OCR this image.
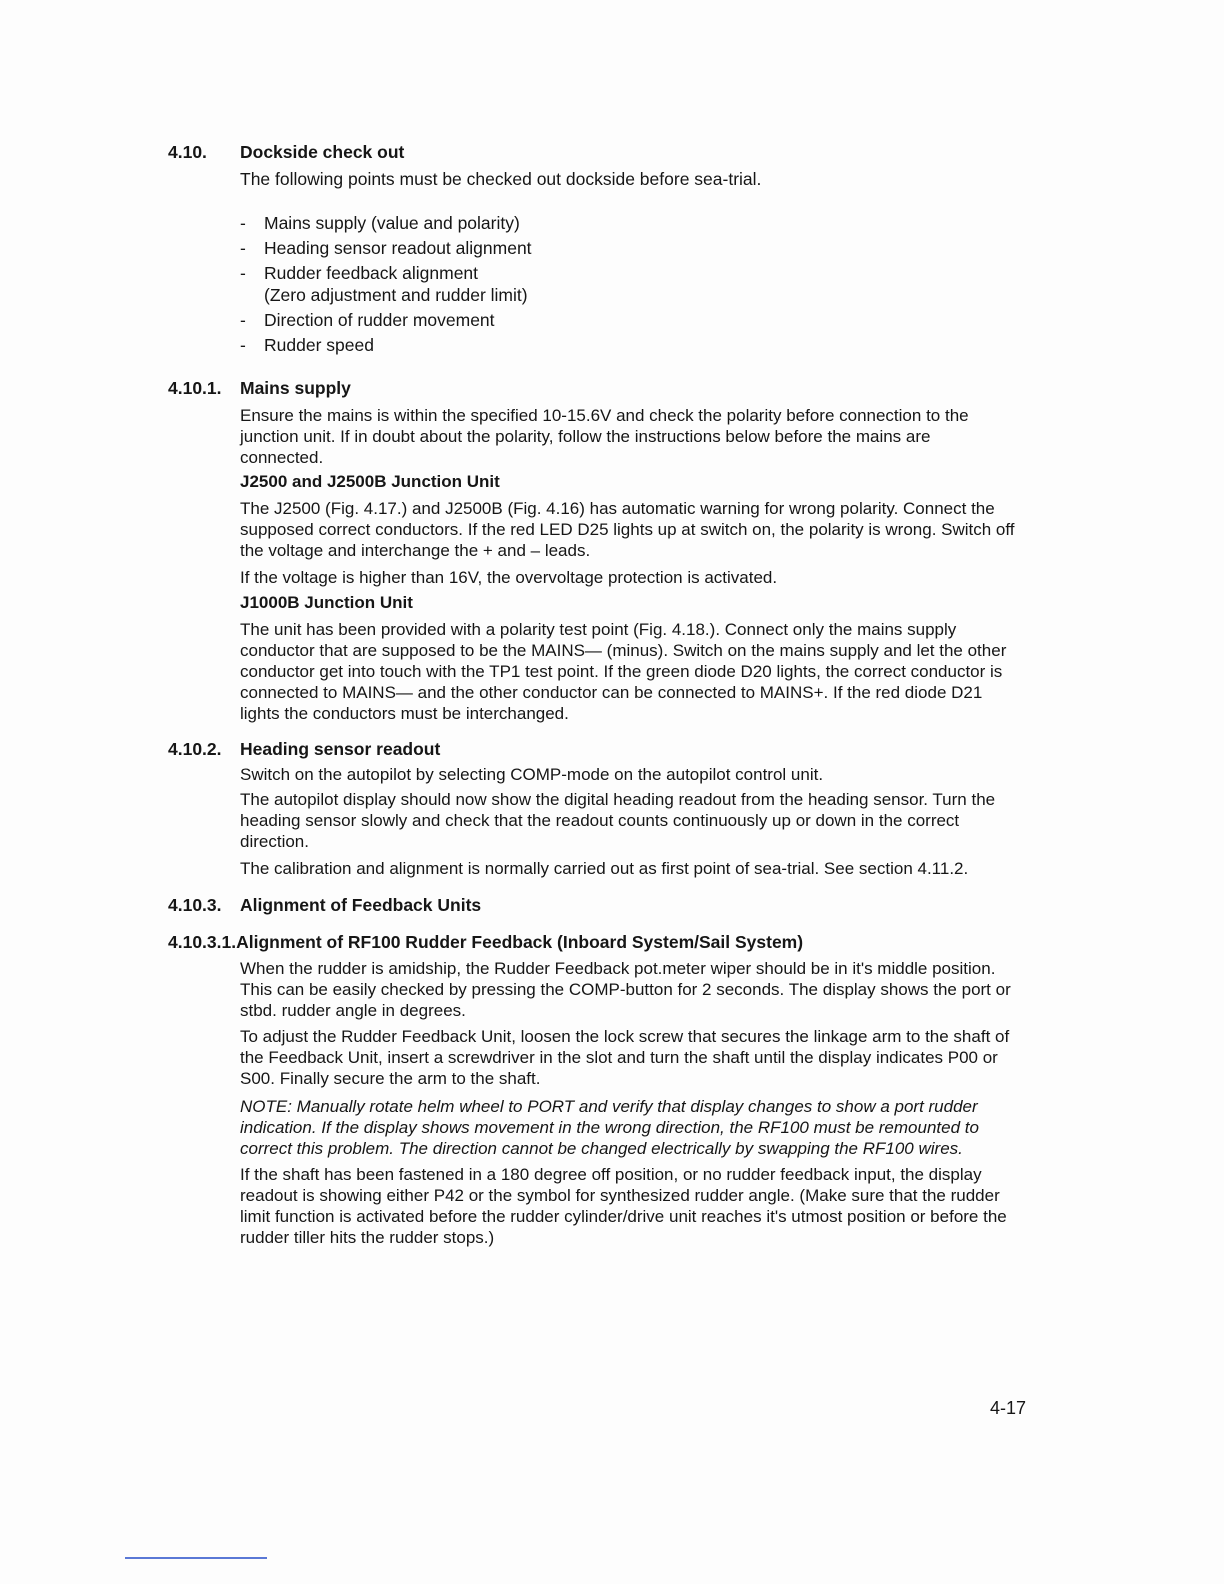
4.10. Dockside check out
The following points must be checked out dockside before sea-trial.
- Mains supply (value and polarity)
- Heading sensor readout alignment
- Rudder feedback alignment
(Zero adjustment and rudder limit)
- Direction of rudder movement
- Rudder speed
4.10.1. Mains supply
Ensure the mains is within the specified 10-15.6V and check the polarity before connection to the junction unit. If in doubt about the polarity, follow the instructions below before the mains are connected.
J2500 and J2500B Junction Unit
The J2500 (Fig. 4.17.) and J2500B (Fig. 4.16) has automatic warning for wrong polarity. Connect the supposed correct conductors. If the red LED D25 lights up at switch on, the polarity is wrong. Switch off the voltage and interchange the + and – leads.
If the voltage is higher than 16V, the overvoltage protection is activated.
J1000B Junction Unit
The unit has been provided with a polarity test point (Fig. 4.18.). Connect only the mains supply conductor that are supposed to be the MAINS— (minus). Switch on the mains supply and let the other conductor get into touch with the TP1 test point. If the green diode D20 lights, the correct conductor is connected to MAINS— and the other conductor can be connected to MAINS+. If the red diode D21 lights the conductors must be interchanged.
4.10.2. Heading sensor readout
Switch on the autopilot by selecting COMP-mode on the autopilot control unit.
The autopilot display should now show the digital heading readout from the heading sensor. Turn the heading sensor slowly and check that the readout counts continuously up or down in the correct direction.
The calibration and alignment is normally carried out as first point of sea-trial. See section 4.11.2.
4.10.3. Alignment of Feedback Units
4.10.3.1.Alignment of RF100 Rudder Feedback (Inboard System/Sail System)
When the rudder is amidship, the Rudder Feedback pot.meter wiper should be in it's middle position. This can be easily checked by pressing the COMP-button for 2 seconds. The display shows the port or stbd. rudder angle in degrees.
To adjust the Rudder Feedback Unit, loosen the lock screw that secures the linkage arm to the shaft of the Feedback Unit, insert a screwdriver in the slot and turn the shaft until the display indicates P00 or S00. Finally secure the arm to the shaft.
NOTE: Manually rotate helm wheel to PORT and verify that display changes to show a port rudder indication. If the display shows movement in the wrong direction, the RF100 must be remounted to correct this problem. The direction cannot be changed electrically by swapping the RF100 wires.
If the shaft has been fastened in a 180 degree off position, or no rudder feedback input, the display readout is showing either P42 or the symbol for synthesized rudder angle. (Make sure that the rudder limit function is activated before the rudder cylinder/drive unit reaches it's utmost position or before the rudder tiller hits the rudder stops.)
4-17
